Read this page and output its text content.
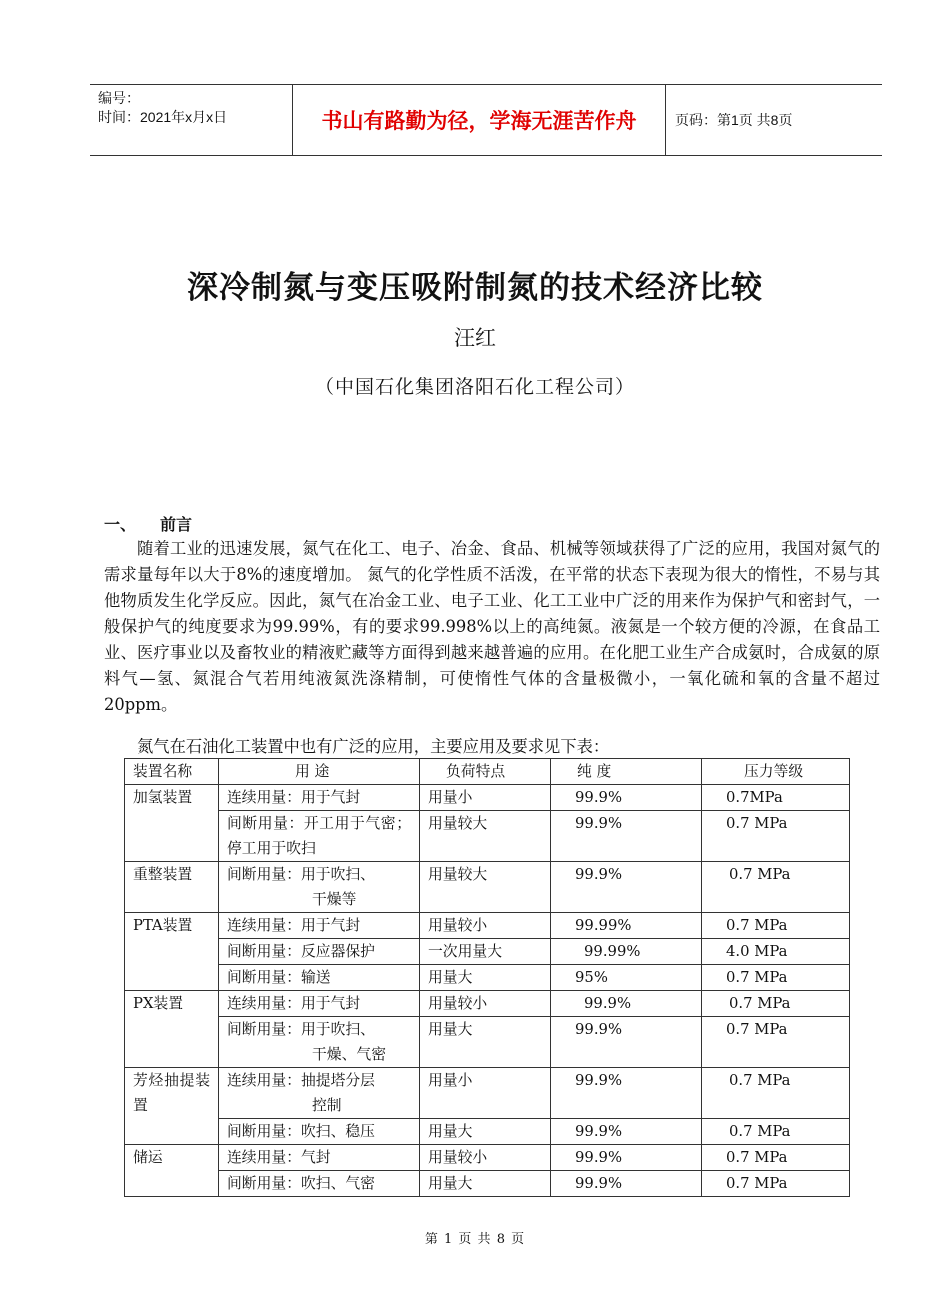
编号：
时间：2021年x月x日	书山有路勤为径，学海无涯苦作舟	页码：第1页 共8页
深冷制氮与变压吸附制氮的技术经济比较
汪红
（中国石化集团洛阳石化工程公司）
一、 前言

随着工业的迅速发展，氮气在化工、电子、冶金、食品、机械等领域获得了广泛的应用，我国对氮气的需求量每年以大于8%的速度增加。 氮气的化学性质不活泼，在平常的状态下表现为很大的惰性，不易与其他物质发生化学反应。因此，氮气在冶金工业、电子工业、化工工业中广泛的用来作为保护气和密封气，一般保护气的纯度要求为99.99%，有的要求99.998%以上的高纯氮。液氮是一个较方便的冷源，在食品工业、医疗事业以及畜牧业的精液贮藏等方面得到越来越普遍的应用。在化肥工业生产合成氨时，合成氨的原料气—氢、氮混合气若用纯液氮洗涤精制，可使惰性气体的含量极微小，一氧化硫和氧的含量不超过20ppm。

氮气在石油化工装置中也有广泛的应用，主要应用及要求见下表：

装置名称	用 途	负荷特点	纯 度	压力等级
加氢装置	连续用量：用于气封	用量小	99.9%	0.7MPa
	间断用量：开工用于气密；停工用于吹扫	用量较大	99.9%	0.7 MPa
重整装置	间断用量：用于吹扫、
干燥等	用量较大	99.9%	0.7 MPa
PTA装置	连续用量：用于气封	用量较小	99.99%	0.7 MPa
	间断用量：反应器保护	一次用量大	99.99%	4.0 MPa
	间断用量：输送	用量大	95%	0.7 MPa
PX装置	连续用量：用于气封	用量较小	99.9%	0.7 MPa

	间断用量：用于吹扫、
干燥、气密	用量大	99.9%	0.7 MPa
芳烃抽提装置	连续用量：抽提塔分层
控制	用量小	99.9%	0.7 MPa
	间断用量：吹扫、稳压	用量大	99.9%	0.7 MPa
储运	连续用量：气封	用量较小	99.9%	0.7 MPa
	间断用量：吹扫、气密	用量大	99.9%	0.7 MPa
第 1 页 共 8 页
